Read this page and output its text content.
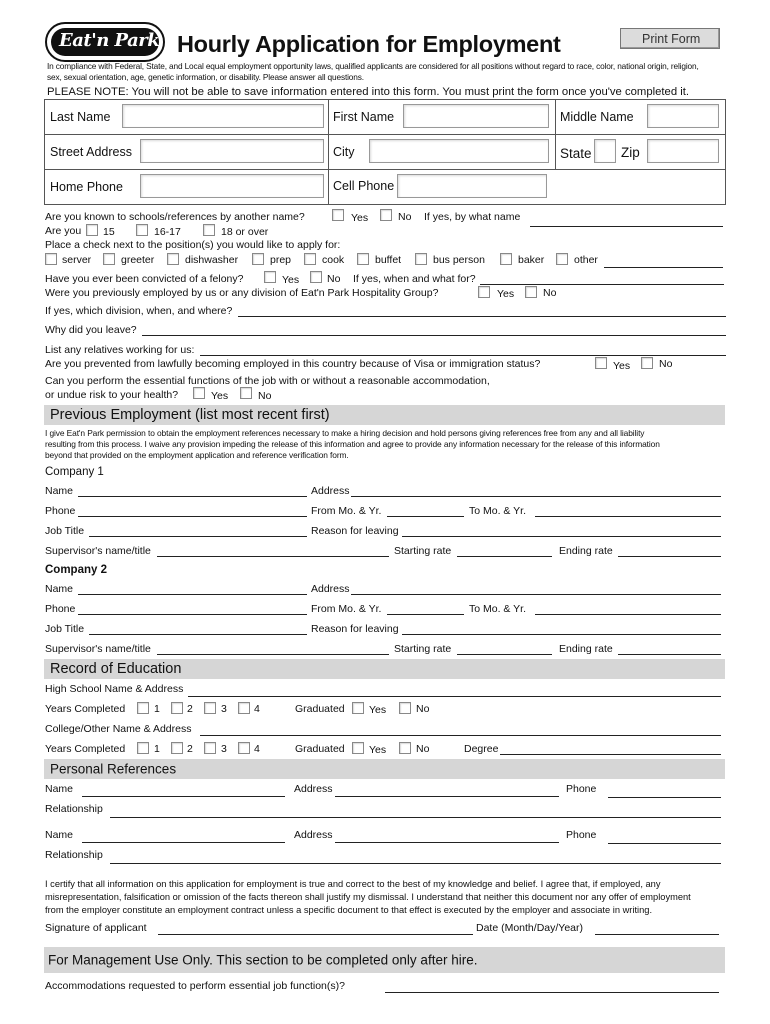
Eat'n Park Hourly Application for Employment	Print Form
In compliance with Federal, State, and Local equal employment opportunity laws, qualified applicants are considered for all positions without regard to race, color, national origin, religion,
sex, sexual orientation, age, genetic information, or disability. Please answer all questions.
PLEASE NOTE: You will not be able to save information entered into this form. You must print the form once you've completed it.
Last Name	First Name	Middle Name
Street Address	City	State Zip
Home Phone	Cell Phone
Are you known to schools/references by another name?	Yes	No If yes, by what name
Are you 15	16-17	18 or over
Place a check next to the position(s) you would like to apply for:
server	greeter	dishwasher	prep	cook	buffet	bus person	baker	other
Have you ever been convicted of a felony?	Yes	No If yes, when and what for?
Were you previously employed by us or any division of Eat'n Park Hospitality Group?	Yes	No
If yes, which division, when, and where?
Why did you leave?
List any relatives working for us:
Are you prevented from lawfully becoming employed in this country because of Visa or immigration status?	Yes	No
Can you perform the essential functions of the job with or without a reasonable accommodation,
or undue risk to your health?	Yes	No
Previous Employment (list most recent first)
I give Eat'n Park permission to obtain the employment references necessary to make a hiring decision and hold persons giving references free from any and all liability
resulting from this process. I waive any provision impeding the release of this information and agree to provide any information necessary for the release of this information
beyond that provided on the employment application and reference verification form.
Company 1
Name	Address
Phone	From Mo. & Yr.	To Mo. & Yr.
Job Title	Reason for leaving
Supervisor's name/title	Starting rate	Ending rate
Company 2
Name	Address
Phone	From Mo. & Yr.	To Mo. & Yr.
Job Title	Reason for leaving
Supervisor's name/title	Starting rate	Ending rate
Record of Education
High School Name & Address
Years Completed	1	2	3	4	Graduated Yes	No
College/Other Name & Address
Years Completed	1	2	3	4	Graduated Yes	No	Degree
Personal References
Name	Address	Phone
Relationship
Name	Address	Phone
Relationship
I certify that all information on this application for employment is true and correct to the best of my knowledge and belief. I agree that, if employed, any
misrepresentation, falsification or omission of the facts thereon shall justify my dismissal. I understand that neither this document nor any offer of employment
from the employer constitute an employment contract unless a specific document to that effect is executed by the employer and associate in writing.
Signature of applicant	Date (Month/Day/Year)
For Management Use Only. This section to be completed only after hire.
Accommodations requested to perform essential job function(s)?
